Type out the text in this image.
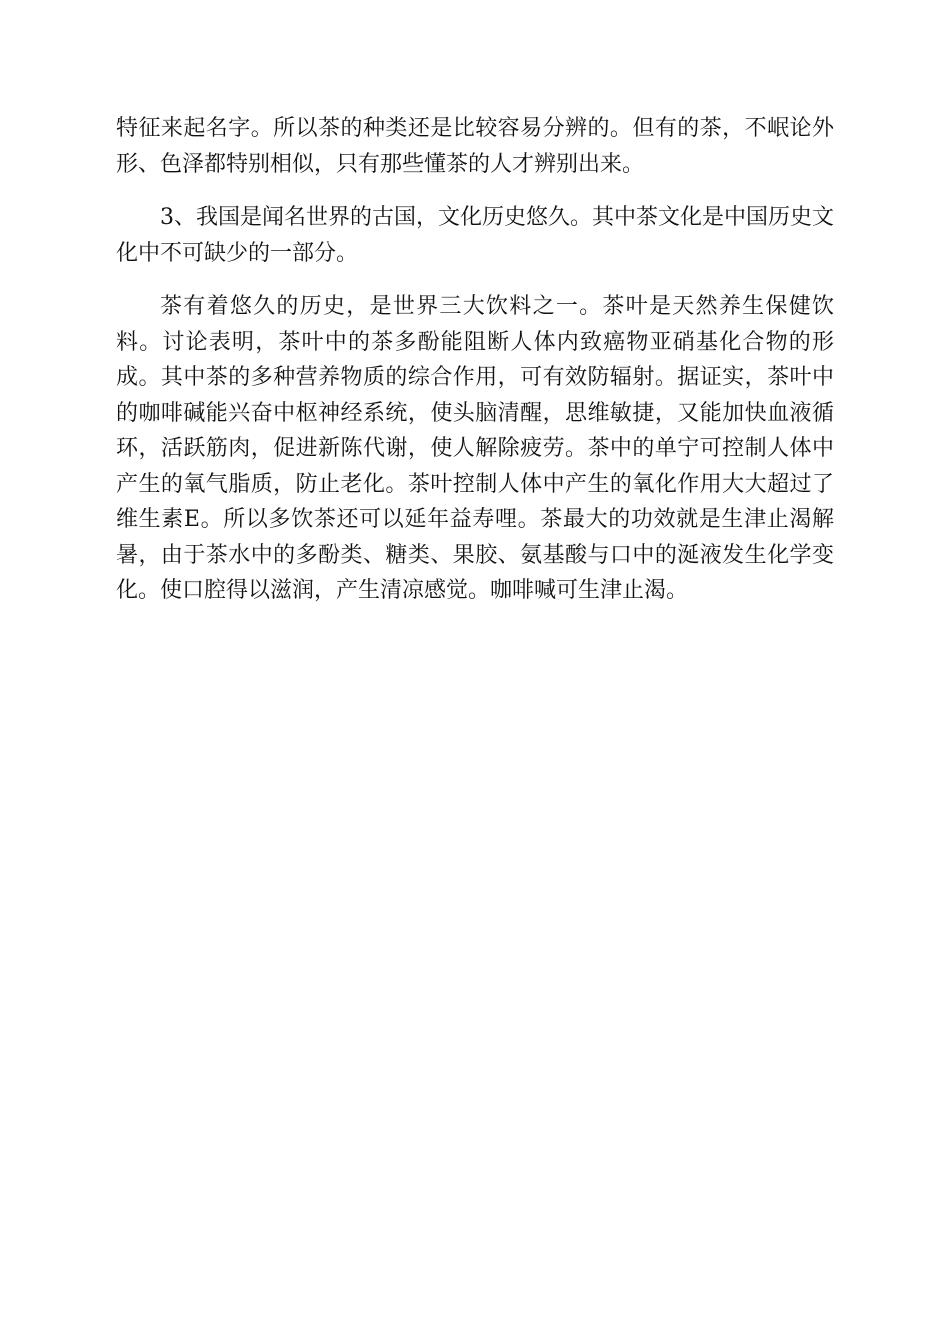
特征来起名字。所以茶的种类还是比较容易分辨的。但有的茶，不岷论外形、色泽都特别相似，只有那些懂茶的人才辨别出来。

3、我国是闻名世界的古国，文化历史悠久。其中茶文化是中国历史文化中不可缺少的一部分。

茶有着悠久的历史，是世界三大饮料之一。茶叶是天然养生保健饮料。讨论表明，茶叶中的茶多酚能阻断人体内致癌物亚硝基化合物的形成。其中茶的多种营养物质的综合作用，可有效防辐射。据证实，茶叶中的咖啡碱能兴奋中枢神经系统，使头脑清醒，思维敏捷，又能加快血液循环，活跃筋肉，促进新陈代谢，使人解除疲劳。茶中的单宁可控制人体中产生的氧气脂质，防止老化。茶叶控制人体中产生的氧化作用大大超过了维生素E。所以多饮茶还可以延年益寿哩。茶最大的功效就是生津止渴解暑，由于茶水中的多酚类、糖类、果胶、氨基酸与口中的涎液发生化学变化。使口腔得以滋润，产生清凉感觉。咖啡喊可生津止渴。
